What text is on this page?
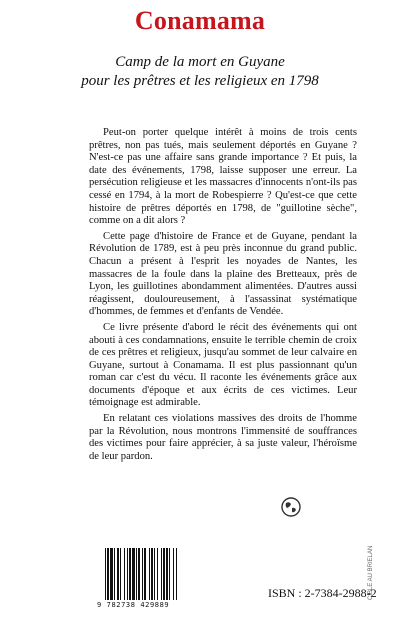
Conamama
Camp de la mort en Guyane
pour les prêtres et les religieux en 1798

Peut-on porter quelque intérêt à moins de trois cents prêtres, non pas tués, mais seulement déportés en Guyane ? N'est-ce pas une affaire sans grande importance ? Et puis, la date des événements, 1798, laisse supposer une erreur. La persécution religieuse et les massacres d'innocents n'ont-ils pas cessé en 1794, à la mort de Robespierre ? Qu'est-ce que cette histoire de prêtres déportés en 1798, de "guillotine sèche", comme on a dit alors ?

Cette page d'histoire de France et de Guyane, pendant la Révolution de 1789, est à peu près inconnue du grand public. Chacun a présent à l'esprit les noyades de Nantes, les massacres de la foule dans la plaine des Bretteaux, près de Lyon, les guillotines abondamment alimentées. D'autres aussi réagissent, douloureusement, à l'assassinat systématique d'hommes, de femmes et d'enfants de Vendée.

Ce livre présente d'abord le récit des événements qui ont abouti à ces condamnations, ensuite le terrible chemin de croix de ces prêtres et religieux, jusqu'au sommet de leur calvaire en Guyane, surtout à Conamama. Il est plus passionnant qu'un roman car c'est du vécu. Il raconte les événements grâce aux documents d'époque et aux écrits de ces victimes. Leur témoignage est admirable.

En relatant ces violations massives des droits de l'homme par la Révolution, nous montrons l'immensité de souffrances des victimes pour faire apprécier, à sa juste valeur, l'héroïsme de leur pardon.

9 782738 429889
ISBN : 2-7384-2988-2
CIBLE AU BRIELAN
